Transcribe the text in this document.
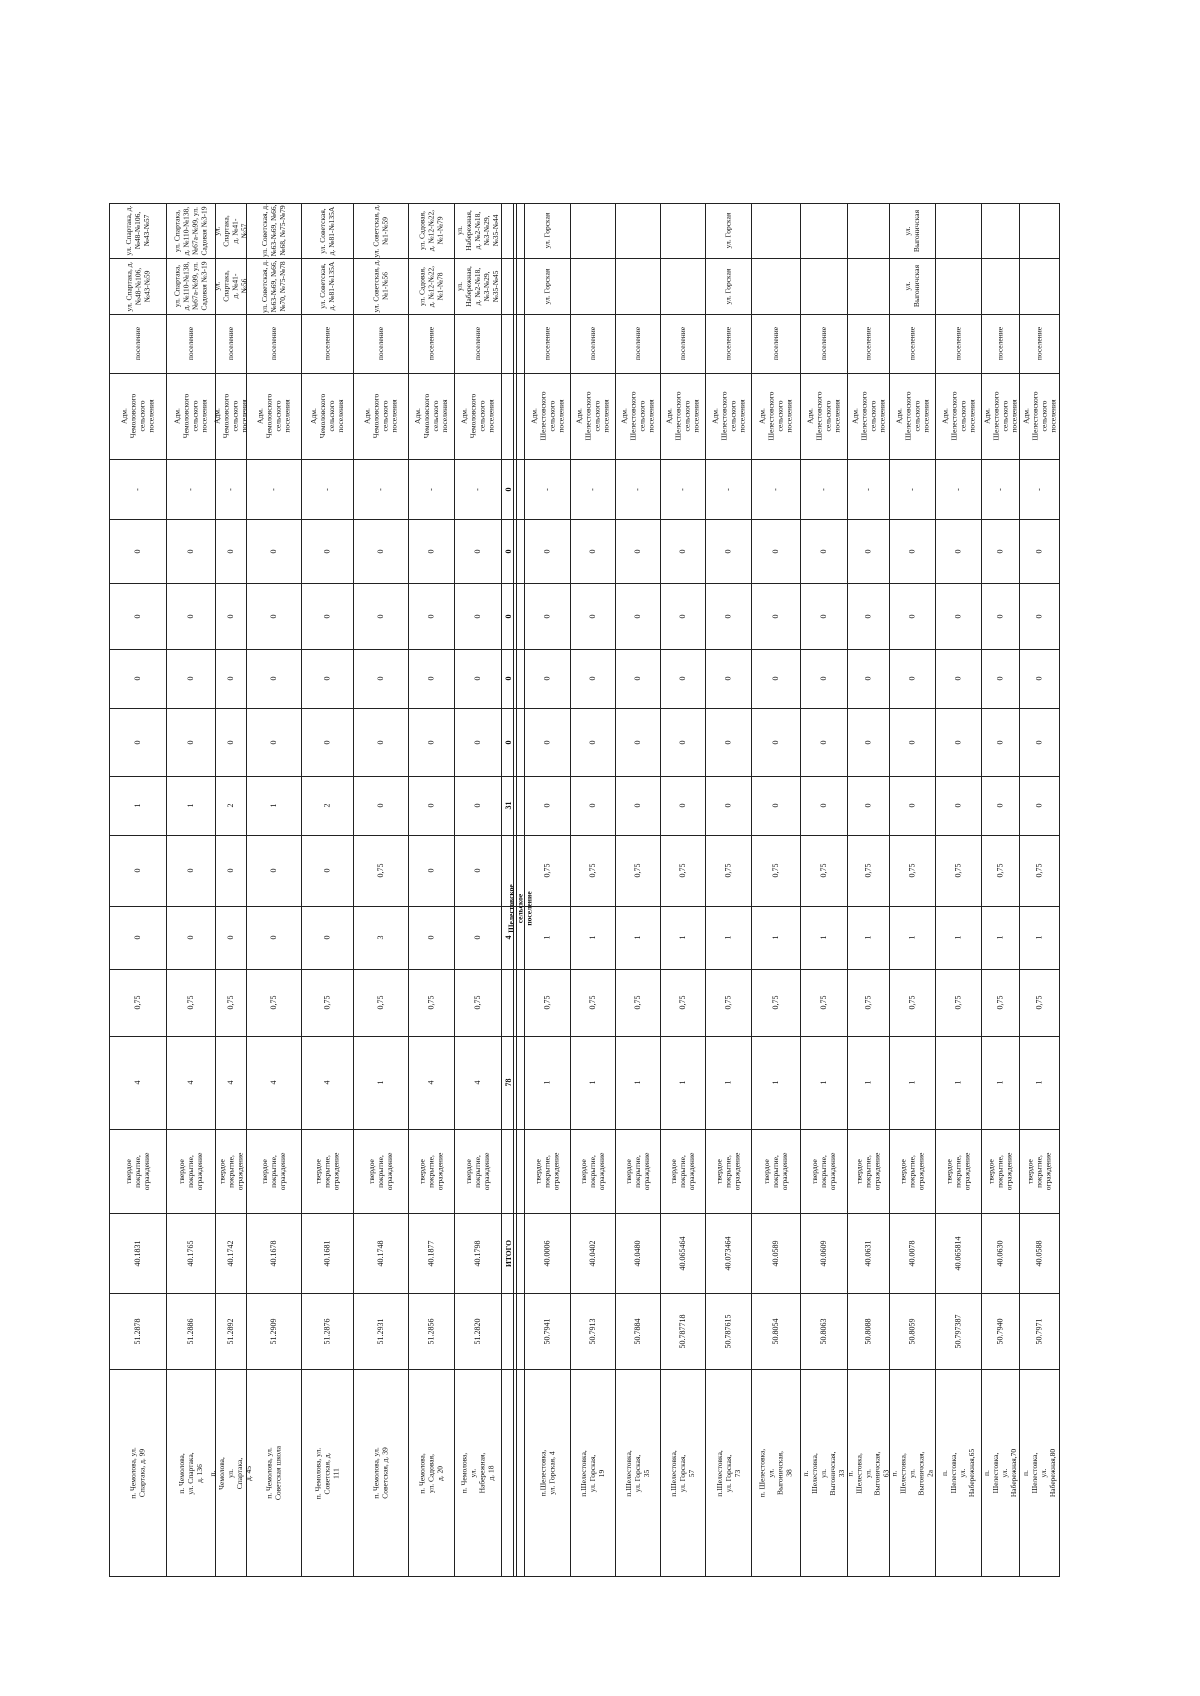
п. Чемолова, ул. Спартака, д. 99
51.2878
40.1831
твердое покрытие, ограждение
4
0,75
0
0
1
0
0
0
0
-
Адм. Чемоловского сельского поселения
поселение
ул. Спартака, д. №48-№106, №43-№59
ул. Спартака, д. №48-№106, №43-№57
п. Чемолова, ул. Спартака, д. 136
51.2886
40.1765
твердое покрытие, ограждение
4
0,75
0
0
1
0
0
0
0
-
Адм. Чемоловского сельского поселения
поселение
ул. Спартака, д. №110-№138, №67а-№99, ул. Садовая №3-19
ул. Спартака, д. №110-№138, №67а-№99, ул. Садовая №3-19
п. Чемолова, ул. Спартака, д. 45
51.2892
40.1742
твердое покрытие, ограждение
4
0,75
0
0
2
0
0
0
0
-
Адм. Чемоловского сельского поселения
поселение
ул. Спартака, д. №41-№56
ул. Спартака, д. №41-№57
п. Чемолова, ул. Советская школа
51.2909
40.1678
твердое покрытие, ограждение
4
0,75
0
0
1
0
0
0
0
-
Адм. Чемоловского сельского поселения
поселение
ул. Советская, д. №63-№69, №66, №70, №75-№78
ул. Советская, д. №63-№69, №66, №68, №75-№79
п. Чемолова, ул. Советская, д. 111
51.2876
40.1681
твердое покрытие, ограждение
4
0,75
0
0
2
0
0
0
0
-
Адм. Чемоловского сельского поселения
поселение
ул. Советская, д. №81-№135А
ул. Советская, д. №81-№135А
п. Чемолова, ул. Советская, д. 39
51.2931
40.1748
твердое покрытие, ограждение
1
0,75
3
0,75
0
0
0
0
0
-
Адм. Чемоловского сельского поселения
поселение
ул. Советская, д. №1-№56
ул. Советская, д. №1-№59
п. Чемолова, ул. Садовая, д. 20
51.2856
40.1877
твердое покрытие, ограждение
4
0,75
0
0
0
0
0
0
0
-
Адм. Чемоловского сельского поселения
поселение
ул. Садовая, д. №12-№22, №1-№78
ул. Садовая, д. №12-№22, №1-№79
п. Чемолова, ул. Набережная, д. 18
51.2820
40.1798
твердое покрытие, ограждение
4
0,75
0
0
0
0
0
0
0
-
Адм. Чемоловского сельского поселения
поселение
ул. Набережная, д. №2-№18, №3-№29, №35-№45
ул. Набережная, д. №2-№18, №3-№29, №35-№44
ИТОГО
78
4
31
0
0
0
0
0
Шелестовское сельское поселение
п.Шелестовка, ул. Горская, 4
50.7941
40.0006
твердое покрытие, ограждение
1
0,75
1
0,75
0
0
0
0
0
-
Адм. Шелестовского сельского поселения
поселение
ул. Горская
ул. Горская
п.Шелестовка, ул. Горская, 19
50.7913
40.0402
твердое покрытие, ограждение
1
0,75
1
0,75
0
0
0
0
0
-
Адм. Шелестовского сельского поселения
поселение
п.Шелестовка, ул. Горская, 35
50.7884
40.0480
твердое покрытие, ограждение
1
0,75
1
0,75
0
0
0
0
0
-
Адм. Шелестовского сельского поселения
поселение
п.Шелестовка, ул. Горская, 57
50.787718
40.065464
твердое покрытие, ограждение
1
0,75
1
0,75
0
0
0
0
0
-
Адм. Шелестовского сельского поселения
поселение
п.Шелестовка, ул. Горская, 73
50.787615
40.073464
твердое покрытие, ограждение
1
0,75
1
0,75
0
0
0
0
0
-
Адм. Шелестовского сельского поселения
поселение
ул. Горская
ул. Горская
п. Шелестовка, ул. Выгоничская, 38
50.8054
40.0589
твердое покрытие, ограждение
1
0,75
1
0,75
0
0
0
0
0
-
Адм. Шелестовского сельского поселения
поселение
п. Шелестовка, ул. Выгоничская, 33
50.8063
40.0609
твердое покрытие, ограждение
1
0,75
1
0,75
0
0
0
0
0
-
Адм. Шелестовского сельского поселения
поселение
п. Шелестовка, ул. Выгоничская, 63
50.8088
40.0631
твердое покрытие, ограждение
1
0,75
1
0,75
0
0
0
0
0
-
Адм. Шелестовского сельского поселения
поселение
п. Шелестовка, ул. Выгоничская, 2а
50.8059
40.0078
твердое покрытие, ограждение
1
0,75
1
0,75
0
0
0
0
0
-
Адм. Шелестовского сельского поселения
поселение
ул. Выгоничская
ул. Выгоничская
п. Шелестовка, ул. Набережная,65
50.797387
40.065814
твердое покрытие, ограждение
1
0,75
1
0,75
0
0
0
0
0
-
Адм. Шелестовского сельского поселения
поселение
п. Шелестовка, ул. Набережная,70
50.7940
40.0630
твердое покрытие, ограждение
1
0,75
1
0,75
0
0
0
0
0
-
Адм. Шелестовского сельского поселения
поселение
п. Шелестовка, ул. Набережная,80
50.7971
40.0588
твердое покрытие, ограждение
1
0,75
1
0,75
0
0
0
0
0
-
Адм. Шелестовского сельского поселения
поселение
